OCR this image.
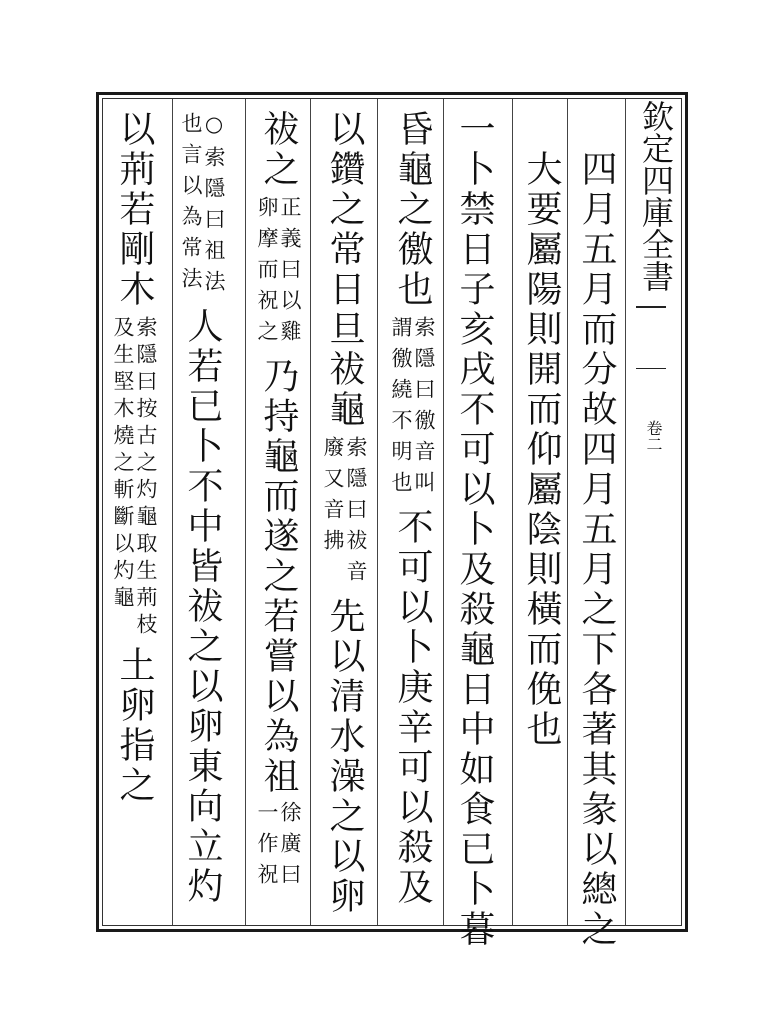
欽定四庫全書
卷二
四月五月而分故四月五月之下各著其彖以總之
大要屬陽則開而仰屬陰則橫而俛也
一卜禁日子亥戌不可以卜及殺龜日中如食已卜暮
昏龜之徼也
索隱曰徼音叫
謂徼繞不明也
不可以卜庚辛可以殺及
以鑽之常日旦祓龜
索隱曰祓音
廢又音拂
先以清水澡之以卵
祓之
正義曰以雞
卵摩而祝之
乃持龜而遂之若嘗以為祖
徐廣曰
一作祝
○索隱曰祖法
也言以為常法
人若已卜不中皆祓之以卵東向立灼
以荊若剛木
索隱曰按古之灼龜取生荊枝
及生堅木燒之斬斷以灼龜
土卵指之
